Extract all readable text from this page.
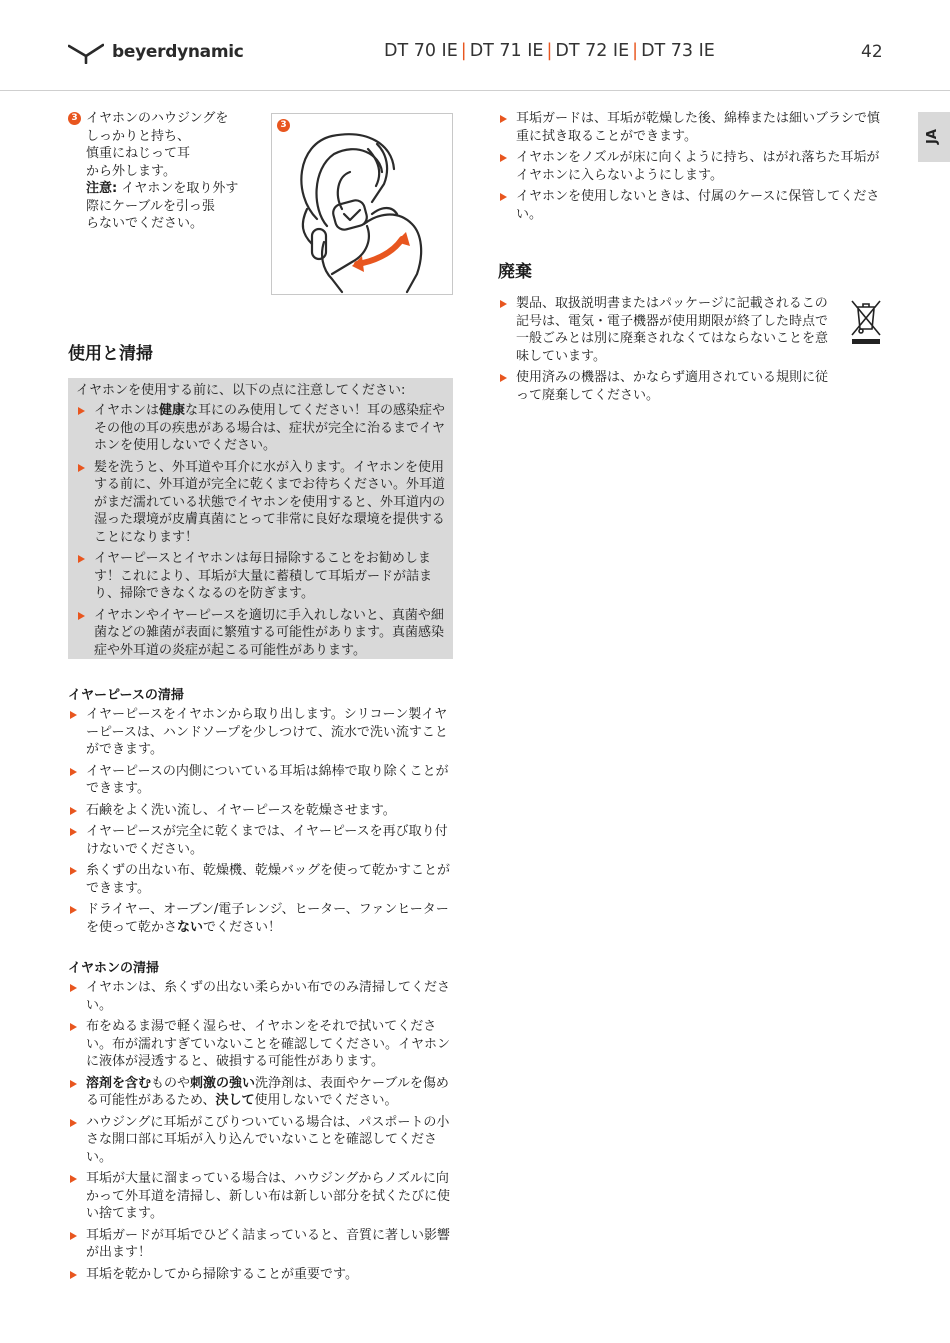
beyerdynamic	DT 70 IE | DT 71 IE | DT 72 IE | DT 73 IE	42
JA
3 イヤホンのハウジングを
しっかりと持ち、
慎重にねじって耳
から外します。
注意: イヤホンを取り外す
際にケーブルを引っ張
らないでください。
3
使用と清掃
イヤホンを使用する前に、以下の点に注意してください:
イヤホンは健康な耳にのみ使用してください！耳の感染症やその他の耳の疾患がある場合は、症状が完全に治るまでイヤホンを使用しないでください。
髪を洗うと、外耳道や耳介に水が入ります。イヤホンを使用する前に、外耳道が完全に乾くまでお待ちください。外耳道がまだ濡れている状態でイヤホンを使用すると、外耳道内の湿った環境が皮膚真菌にとって非常に良好な環境を提供することになります！
イヤーピースとイヤホンは毎日掃除することをお勧めします！これにより、耳垢が大量に蓄積して耳垢ガードが詰まり、掃除できなくなるのを防ぎます。
イヤホンやイヤーピースを適切に手入れしないと、真菌や細菌などの雑菌が表面に繁殖する可能性があります。真菌感染症や外耳道の炎症が起こる可能性があります。
イヤーピースの清掃
イヤーピースをイヤホンから取り出します。シリコーン製イヤーピースは、ハンドソープを少しつけて、流水で洗い流すことができます。
イヤーピースの内側についている耳垢は綿棒で取り除くことができます。
石鹸をよく洗い流し、イヤーピースを乾燥させます。
イヤーピースが完全に乾くまでは、イヤーピースを再び取り付けないでください。
糸くずの出ない布、乾燥機、乾燥バッグを使って乾かすことができます。
ドライヤー、オーブン/電子レンジ、ヒーター、ファンヒーターを使って乾かさないでください！
イヤホンの清掃
イヤホンは、糸くずの出ない柔らかい布でのみ清掃してください。
布をぬるま湯で軽く湿らせ、イヤホンをそれで拭いてください。布が濡れすぎていないことを確認してください。イヤホンに液体が浸透すると、破損する可能性があります。
溶剤を含むものや刺激の強い洗浄剤は、表面やケーブルを傷める可能性があるため、決して使用しないでください。
ハウジングに耳垢がこびりついている場合は、パスポートの小さな開口部に耳垢が入り込んでいないことを確認してください。
耳垢が大量に溜まっている場合は、ハウジングからノズルに向かって外耳道を清掃し、新しい布は新しい部分を拭くたびに使い捨てます。
耳垢ガードが耳垢でひどく詰まっていると、音質に著しい影響が出ます！
耳垢を乾かしてから掃除することが重要です。
耳垢ガードは、耳垢が乾燥した後、綿棒または細いブラシで慎重に拭き取ることができます。
イヤホンをノズルが床に向くように持ち、はがれ落ちた耳垢がイヤホンに入らないようにします。
イヤホンを使用しないときは、付属のケースに保管してください。
廃棄
製品、取扱説明書またはパッケージに記載されるこの記号は、電気・電子機器が使用期限が終了した時点で一般ごみとは別に廃棄されなくてはならないことを意味しています。
使用済みの機器は、かならず適用されている規則に従って廃棄してください。
